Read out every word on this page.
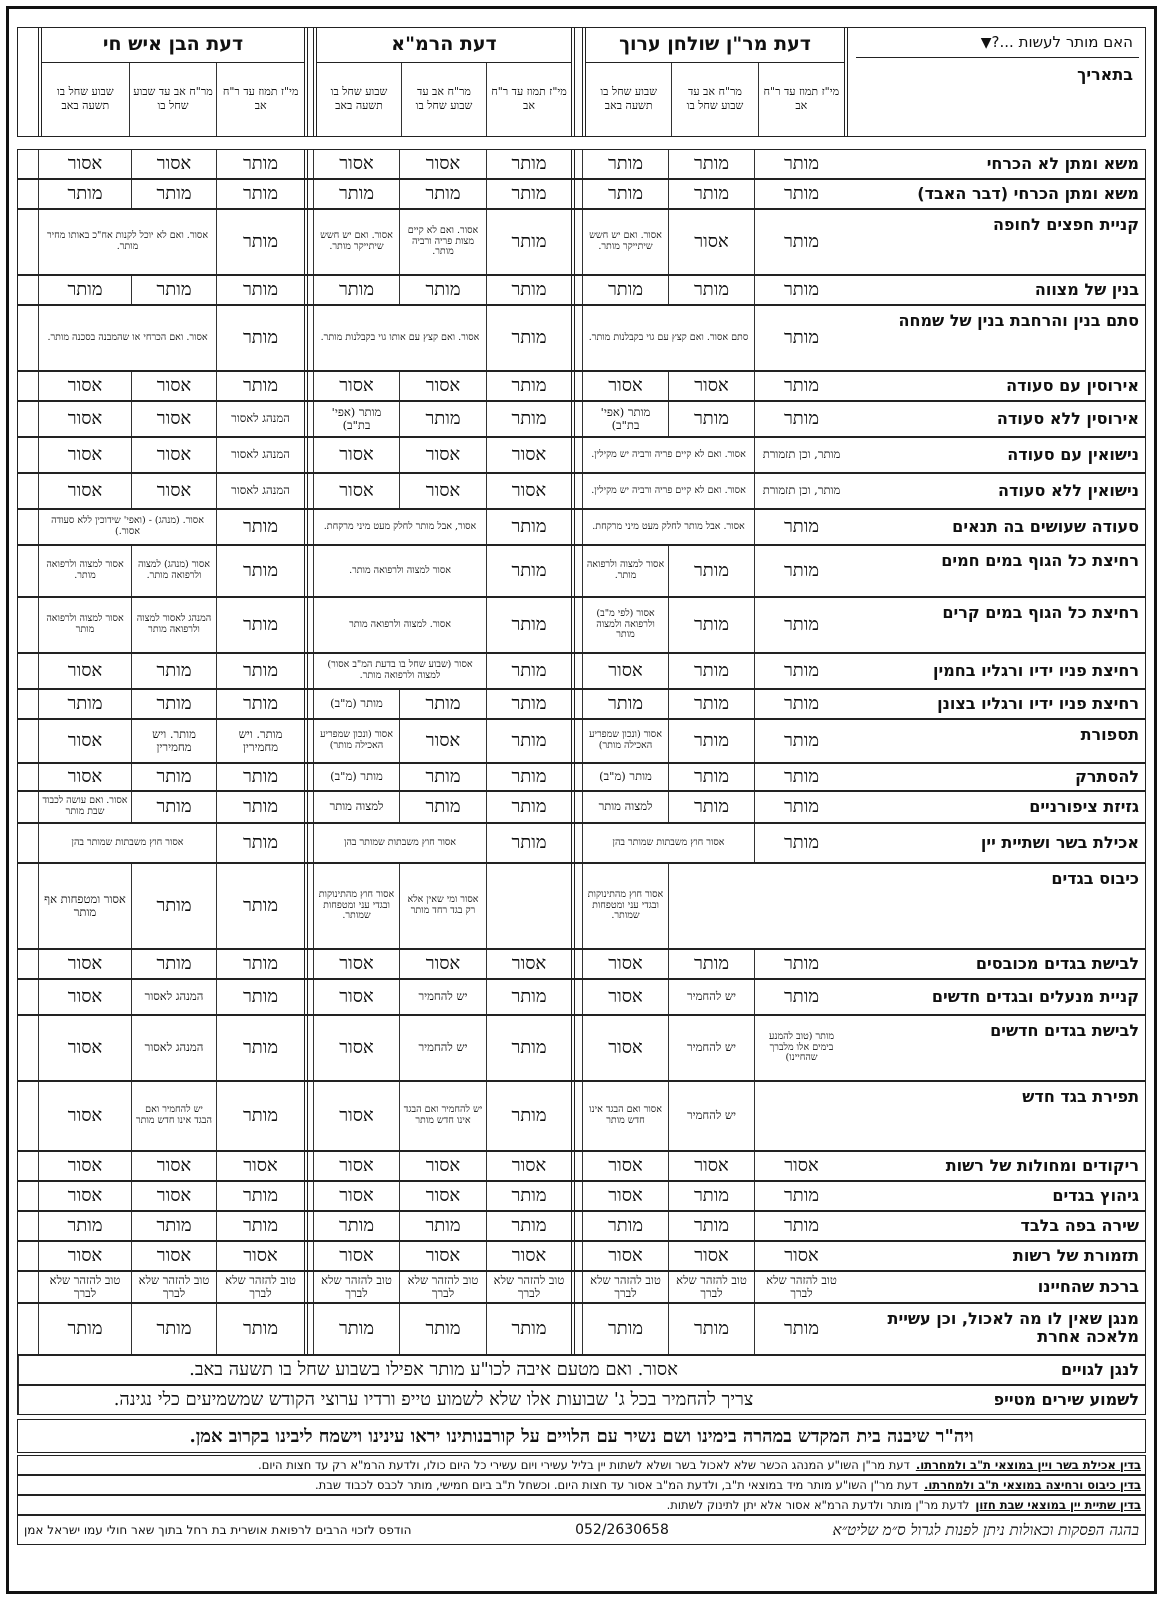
האם מותר לעשות ...?▼
בתאריך
דעת מר"ן שולחן ערוך
מי"ז תמוז עד ר"ח אב
מר"ח אב עד שבוע שחל בו
שבוע שחל בו תשעה באב
דעת הרמ"א
מי"ז תמוז עד ר"ח אב
מר"ח אב עד שבוע שחל בו
שבוע שחל בו תשעה באב
דעת הבן איש חי
מי"ז תמוז עד ר"ח אב
מר"ח אב עד שבוע שחל בו
שבוע שחל בו תשעה באב
משא ומתן לא הכרחי
מותר
מותר
מותר
מותר
אסור
אסור
מותר
אסור
אסור
משא ומתן הכרחי (דבר האבד)
מותר
מותר
מותר
מותר
מותר
מותר
מותר
מותר
מותר
קניית חפצים לחופה
מותר
אסור
אסור. ואם יש חשש שיתייקר מותר.
מותר
אסור. ואם לא קיים מצות פריה ורביה מותר.
אסור. ואם יש חשש שיתייקר מותר.
מותר
אסור. ואם לא יוכל לקנות אח"כ באותו מחיר מותר.
בנין של מצווה
מותר
מותר
מותר
מותר
מותר
מותר
מותר
מותר
מותר
סתם בנין והרחבת בנין של שמחה
מותר
סתם אסור. ואם קצץ עם גוי בקבלנות מותר.
מותר
אסור. ואם קצץ עם אותו גוי בקבלנות מותר.
מותר
אסור. ואם הכרחי או שהמבנה בסכנה מותר.
אירוסין עם סעודה
מותר
אסור
אסור
מותר
אסור
אסור
מותר
אסור
אסור
אירוסין ללא סעודה
מותר
מותר
מותר (אפי' בת"ב)
מותר
מותר
מותר (אפי' בת"ב)
המנהג לאסור
אסור
אסור
נישואין עם סעודה
מותר, וכן תזמורת
אסור. ואם לא קיים פריה ורביה יש מקילין.
אסור
אסור
אסור
המנהג לאסור
אסור
אסור
נישואין ללא סעודה
מותר, וכן תזמורת
אסור. ואם לא קיים פריה ורביה יש מקילין.
אסור
אסור
אסור
המנהג לאסור
אסור
אסור
סעודה שעושים בה תנאים
מותר
אסור. אבל מותר לחלק מעט מיני מרקחת.
מותר
אסור, אבל מותר לחלק מעט מיני מרקחת.
מותר
אסור. (מנהג) - (ואפי' שידוכין ללא סעודה אסור.)
רחיצת כל הגוף במים חמים
מותר
מותר
אסור למצוה ולרפואה מותר.
מותר
אסור למצוה ולרפואה מותר.
מותר
אסור (מנהג) למצוה ולרפואה מותר.
אסור למצוה ולרפואה מותר.
רחיצת כל הגוף במים קרים
מותר
מותר
אסור (לפי מ"ב) ולרפואה ולמצוה מותר
מותר
אסור. למצוה ולרפואה מותר
מותר
המנהג לאסור למצוה ולרפואה מותר
אסור למצוה ולרפואה מותר
רחיצת פניו ידיו ורגליו בחמין
מותר
מותר
אסור
מותר
אסור (שבוע שחל בו בדעת המ"ב אסור) למצוה ולרפואה מותר.
מותר
מותר
אסור
רחיצת פניו ידיו ורגליו בצונן
מותר
מותר
מותר
מותר
מותר
מותר (מ"ב)
מותר
מותר
מותר
תספורת
מותר
מותר
אסור (ונכון שמפריע האכילה מותר)
מותר
אסור
אסור (ונכון שמפריע האכילה מותר)
מותר. ויש מחמירין
מותר. ויש מחמירין
אסור
להסתרק
מותר
מותר
מותר (מ"ב)
מותר
מותר
מותר (מ"ב)
מותר
מותר
אסור
גזיזת ציפורניים
מותר
מותר
למצוה מותר
מותר
מותר
למצוה מותר
מותר
מותר
אסור. ואם עושה לכבוד שבת מותר
אכילת בשר ושתיית יין
מותר
אסור חוץ משבתות שמותר בהן
מותר
אסור חוץ משבתות שמותר בהן
מותר
אסור חוץ משבתות שמותר בהן
כיבוס בגדים
אסור חוץ מהתינוקות ובגדי עני ומטפחות שמותר.
אסור ומי שאין אלא רק בגד רחד מותר
אסור חוץ מהתינוקות ובגדי עני ומטפחות שמותר.
מותר
מותר
אסור ומטפחות אף מותר
לבישת בגדים מכובסים
מותר
מותר
אסור
אסור
אסור
אסור
מותר
מותר
אסור
קניית מנעלים ובגדים חדשים
מותר
יש להחמיר
אסור
מותר
יש להחמיר
אסור
מותר
המנהג לאסור
אסור
לבישת בגדים חדשים
מותר (טוב להמנע בימים אלו מלברך שהחיינו)
יש להחמיר
אסור
מותר
יש להחמיר
אסור
מותר
המנהג לאסור
אסור
תפירת בגד חדש
יש להחמיר
אסור ואם הבגד אינו חדש מותר
מותר
יש להחמיר ואם הבגד אינו חדש מותר
אסור
מותר
יש להחמיר ואם הבגד אינו חדש מותר
אסור
ריקודים ומחולות של רשות
אסור
אסור
אסור
אסור
אסור
אסור
אסור
אסור
אסור
גיהוץ בגדים
מותר
מותר
אסור
מותר
אסור
אסור
מותר
אסור
אסור
שירה בפה בלבד
מותר
מותר
מותר
מותר
מותר
מותר
מותר
מותר
מותר
תזמורת של רשות
אסור
אסור
אסור
אסור
אסור
אסור
אסור
אסור
אסור
ברכת שהחיינו
טוב להזהר שלא לברך
טוב להזהר שלא לברך
טוב להזהר שלא לברך
טוב להזהר שלא לברך
טוב להזהר שלא לברך
טוב להזהר שלא לברך
טוב להזהר שלא לברך
טוב להזהר שלא לברך
טוב להזהר שלא לברך
מנגן שאין לו מה לאכול, וכן עשיית מלאכה אחרת
מותר
מותר
מותר
מותר
מותר
מותר
מותר
מותר
מותר
לנגן לגויים
אסור. ואם מטעם איבה לכו"ע מותר אפילו בשבוע שחל בו תשעה באב.
לשמוע שירים מטייפ
צריך להחמיר בכל ג' שבועות אלו שלא לשמוע טייפ ורדיו ערוצי הקודש שמשמיעים כלי נגינה.
ויה"ר שיבנה בית המקדש במהרה בימינו ושם נשיר עם הלויים על קורבנותינו יראו עינינו וישמח ליבינו בקרוב אמן.
בדין אכילת בשר ויין במוצאי ת"ב ולמחרתו.
דעת מר"ן השו"ע המנהג הכשר שלא לאכול בשר ושלא לשתות יין בליל עשירי ויום עשירי כל היום כולו, ולדעת הרמ"א רק עד חצות היום.
בדין כיבוס ורחיצה במוצאי ת"ב ולמחרתו.
דעת מר"ן השו"ע מותר מיד במוצאי ת"ב, ולדעת המ"ב אסור עד חצות היום. וכשחל ת"ב ביום חמישי, מותר לכבס לכבוד שבת.
בדין שתיית יין במוצאי שבת חזון
לדעת מר"ן מותר ולדעת הרמ"א אסור אלא יתן לתינוק לשתות.
בהגה הפסקות וכאולות ניתן לפנות לגרול ס״מ שליט״א
052/2630658
הודפס לזכוי הרבים לרפואת אושרית בת רחל בתוך שאר חולי עמו ישראל אמן
